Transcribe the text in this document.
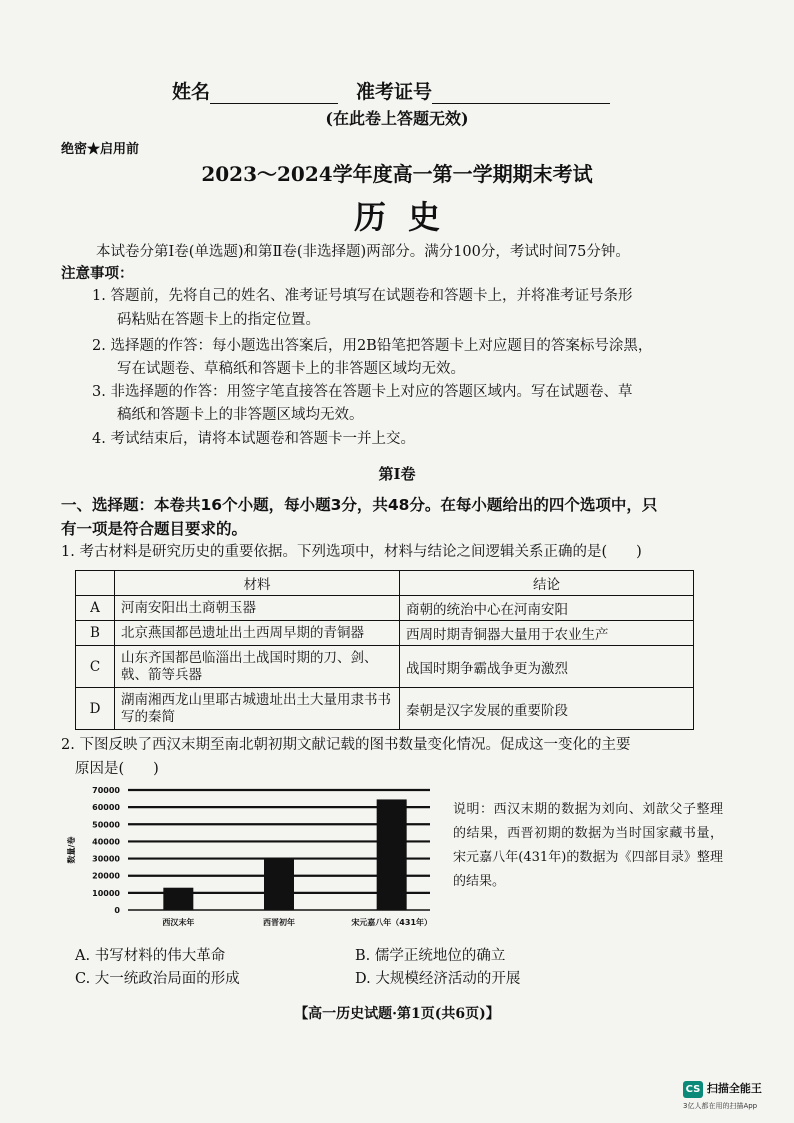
姓名	准考证号
(在此卷上答题无效)
绝密★启用前
2023～2024学年度高一第一学期期末考试
历史
本试卷分第Ⅰ卷(单选题)和第Ⅱ卷(非选择题)两部分。满分100分，考试时间75分钟。
注意事项：
1. 答题前，先将自己的姓名、准考证号填写在试题卷和答题卡上，并将准考证号条形
码粘贴在答题卡上的指定位置。
2. 选择题的作答：每小题选出答案后，用2B铅笔把答题卡上对应题目的答案标号涂黑，
写在试题卷、草稿纸和答题卡上的非答题区域均无效。
3. 非选择题的作答：用签字笔直接答在答题卡上对应的答题区域内。写在试题卷、草
稿纸和答题卡上的非答题区域均无效。
4. 考试结束后，请将本试题卷和答题卡一并上交。
第Ⅰ卷
一、选择题：本卷共16个小题，每小题3分，共48分。在每小题给出的四个选项中，只
有一项是符合题目要求的。
1. 考古材料是研究历史的重要依据。下列选项中，材料与结论之间逻辑关系正确的是(　　)
	材料	结论
A	河南安阳出土商朝玉器	商朝的统治中心在河南安阳
B	北京燕国都邑遗址出土西周早期的青铜器	西周时期青铜器大量用于农业生产
C	山东齐国都邑临淄出土战国时期的刀、剑、戟、箭等兵器	战国时期争霸战争更为激烈
D	湖南湘西龙山里耶古城遗址出土大量用隶书书写的秦简	秦朝是汉字发展的重要阶段
2. 下图反映了西汉末期至南北朝初期文献记载的图书数量变化情况。促成这一变化的主要
原因是(　　)
0
10000
20000
30000
40000
50000
60000
70000
数量/卷
西汉末年	西晋初年	宋元嘉八年（431年）
说明：西汉末期的数据为刘向、刘歆父子整理的结果，西晋初期的数据为当时国家藏书量，宋元嘉八年(431年)的数据为《四部目录》整理的结果。
A. 书写材料的伟大革命	B. 儒学正统地位的确立
C. 大一统政治局面的形成	D. 大规模经济活动的开展
【高一历史试题·第1页(共6页)】
CS 扫描全能王
3亿人都在用的扫描App
